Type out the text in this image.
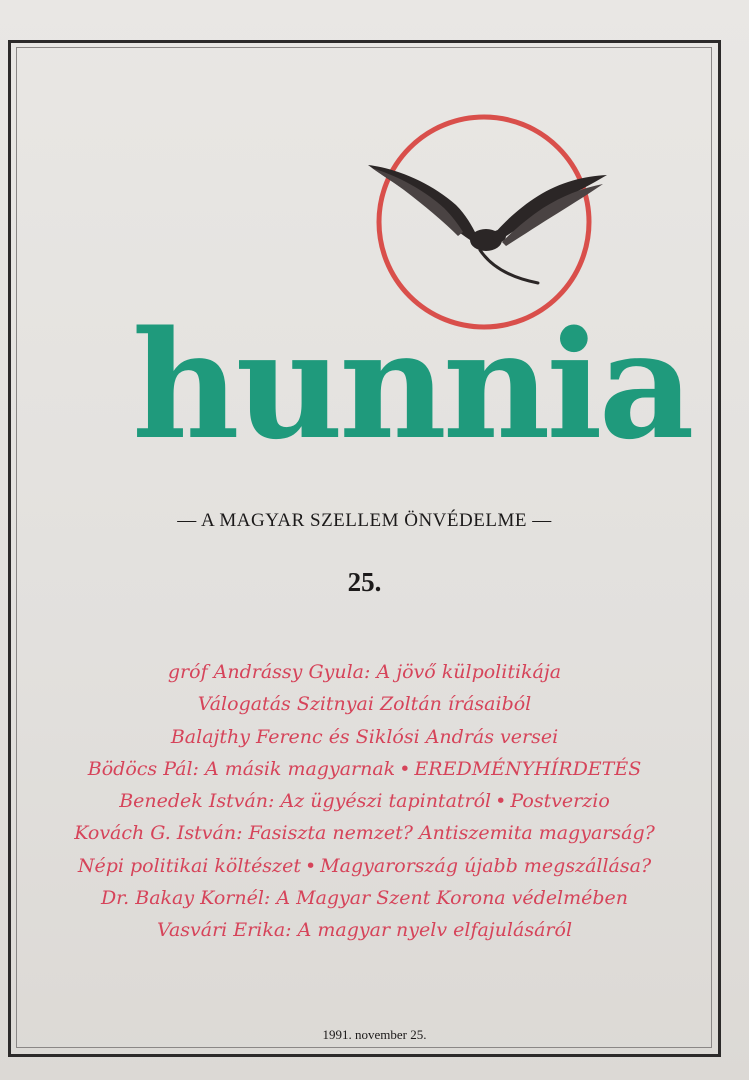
hunnia
— A MAGYAR SZELLEM ÖNVÉDELME —
25.
gróf Andrássy Gyula: A jövő külpolitikája
Válogatás Szitnyai Zoltán írásaiból
Balajthy Ferenc és Siklósi András versei
Bödöcs Pál: A másik magyarnak • EREDMÉNYHÍRDETÉS
Benedek István: Az ügyészi tapintatról • Postverzio
Kovách G. István: Fasiszta nemzet? Antiszemita magyarság?
Népi politikai költészet • Magyarország újabb megszállása?
Dr. Bakay Kornél: A Magyar Szent Korona védelmében
Vasvári Erika: A magyar nyelv elfajulásáról
1991. november 25.
